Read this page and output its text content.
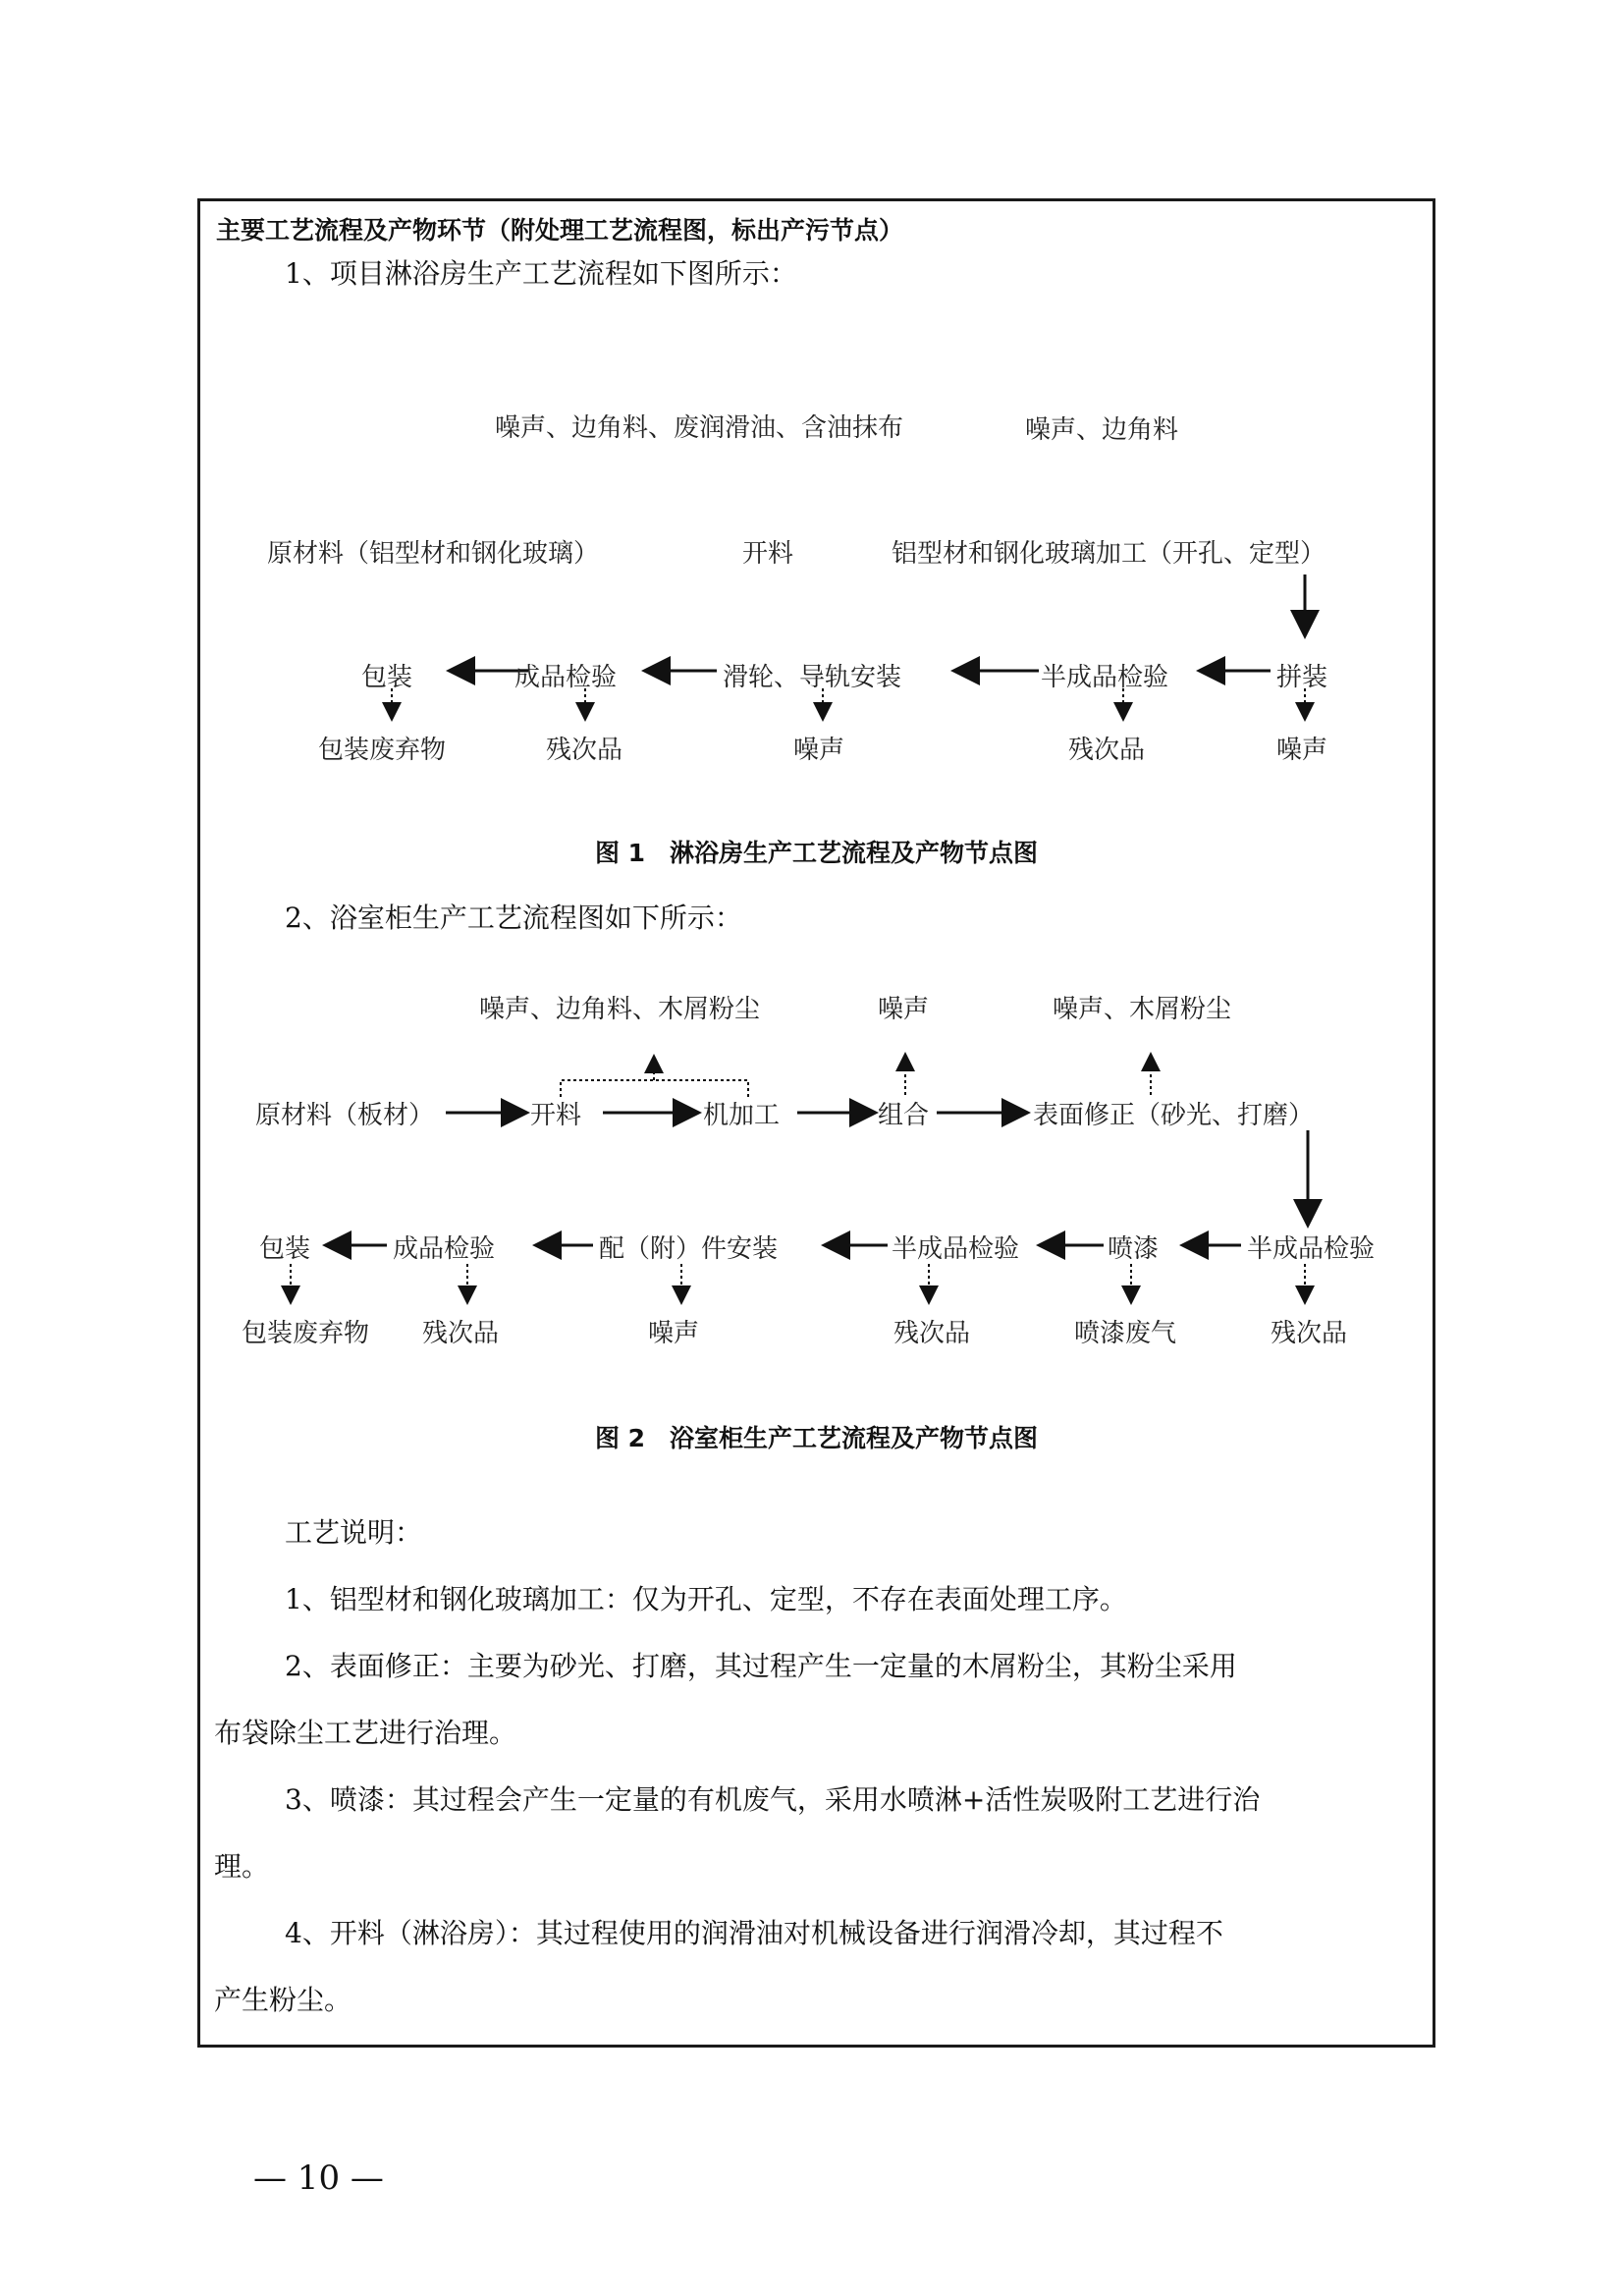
主要工艺流程及产物环节（附处理工艺流程图，标出产污节点）
1、项目淋浴房生产工艺流程如下图所示：
噪声、边角料、废润滑油、含油抹布	噪声、边角料
原材料（铝型材和钢化玻璃）	开料	铝型材和钢化玻璃加工（开孔、定型）
拼装
半成品检验
滑轮、导轨安装
成品检验
包装
噪声
残次品
噪声
残次品
包装废弃物
图 1　淋浴房生产工艺流程及产物节点图
2、浴室柜生产工艺流程图如下所示：
噪声、边角料、木屑粉尘	噪声	噪声、木屑粉尘
原材料（板材）	开料	机加工	组合	表面修正（砂光、打磨）
半成品检验
喷漆
半成品检验
配（附）件安装
成品检验
包装
残次品
喷漆废气
残次品
噪声
残次品
包装废弃物
图 2　浴室柜生产工艺流程及产物节点图
工艺说明：
1、铝型材和钢化玻璃加工：仅为开孔、定型，不存在表面处理工序。
2、表面修正：主要为砂光、打磨，其过程产生一定量的木屑粉尘，其粉尘采用
布袋除尘工艺进行治理。
3、喷漆：其过程会产生一定量的有机废气，采用水喷淋+活性炭吸附工艺进行治
理。
4、开料（淋浴房）：其过程使用的润滑油对机械设备进行润滑冷却，其过程不
产生粉尘。
— 10 —
